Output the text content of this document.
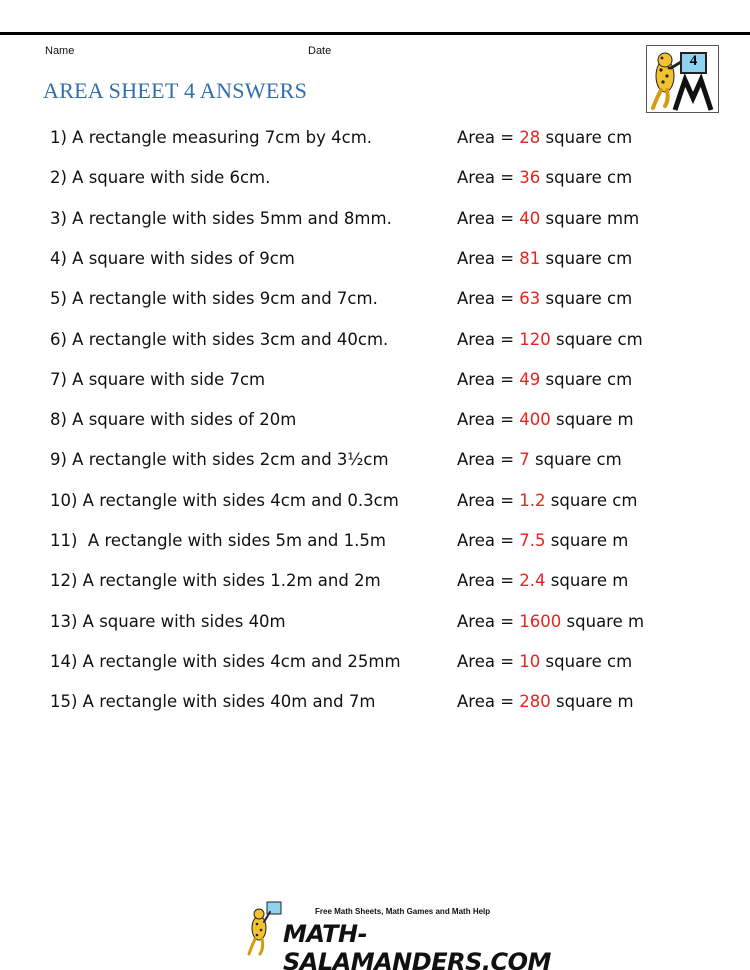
Name	Date
AREA SHEET 4 ANSWERS
4
1) A rectangle measuring 7cm by 4cm.	Area = 28 square cm
2) A square with side 6cm.	Area = 36 square cm
3) A rectangle with sides 5mm and 8mm.	Area = 40 square mm
4) A square with sides of 9cm	Area = 81 square cm
5) A rectangle with sides 9cm and 7cm.	Area = 63 square cm
6) A rectangle with sides 3cm and 40cm.	Area = 120 square cm
7) A square with side 7cm	Area = 49 square cm
8) A square with sides of 20m	Area = 400 square m
9) A rectangle with sides 2cm and 3½cm	Area = 7 square cm
10) A rectangle with sides 4cm and 0.3cm	Area = 1.2 square cm
11)  A rectangle with sides 5m and 1.5m	Area = 7.5 square m
12) A rectangle with sides 1.2m and 2m	Area = 2.4 square m
13) A square with sides 40m	Area = 1600 square m
14) A rectangle with sides 4cm and 25mm	Area = 10 square cm
15) A rectangle with sides 40m and 7m	Area = 280 square m
Free Math Sheets, Math Games and Math Help
MATH-SALAMANDERS.COM
